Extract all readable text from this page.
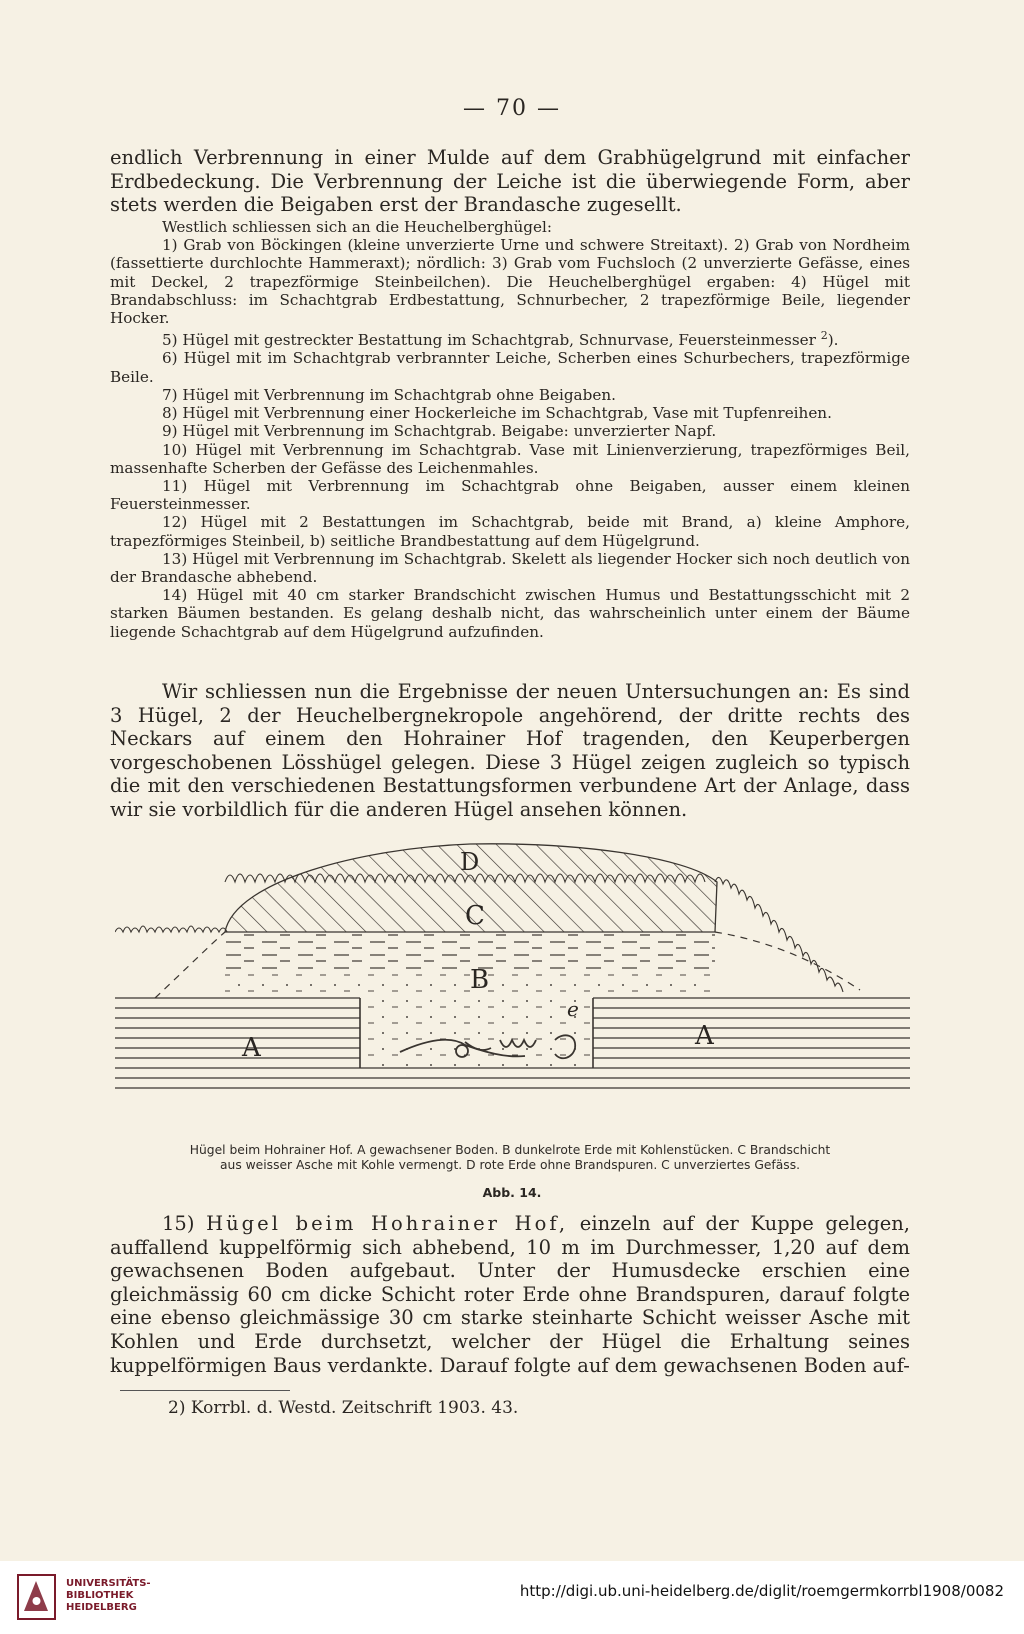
— 70 —

endlich Verbrennung in einer Mulde auf dem Grabhügelgrund mit einfacher Erdbedeckung. Die Verbrennung der Leiche ist die überwiegende Form, aber stets werden die Beigaben erst der Brandasche zugesellt.

Westlich schliessen sich an die Heuchelberghügel:

1) Grab von Böckingen (kleine unverzierte Urne und schwere Streitaxt). 2) Grab von Nordheim (fassettierte durchlochte Hammeraxt); nördlich: 3) Grab vom Fuchsloch (2 unverzierte Gefässe, eines mit Deckel, 2 trapezförmige Steinbeilchen). Die Heuchelberghügel ergaben: 4) Hügel mit Brandabschluss: im Schachtgrab Erdbestattung, Schnurbecher, 2 trapezförmige Beile, liegender Hocker.

5) Hügel mit gestreckter Bestattung im Schachtgrab, Schnurvase, Feuersteinmesser $^2$).

6) Hügel mit im Schachtgrab verbrannter Leiche, Scherben eines Schurbechers, trapezförmige Beile.

7) Hügel mit Verbrennung im Schachtgrab ohne Beigaben.

8) Hügel mit Verbrennung einer Hockerleiche im Schachtgrab, Vase mit Tupfenreihen.

9) Hügel mit Verbrennung im Schachtgrab. Beigabe: unverzierter Napf.

10) Hügel mit Verbrennung im Schachtgrab. Vase mit Linienverzierung, trapezförmiges Beil, massenhafte Scherben der Gefässe des Leichenmahles.

11) Hügel mit Verbrennung im Schachtgrab ohne Beigaben, ausser einem kleinen Feuersteinmesser.

12) Hügel mit 2 Bestattungen im Schachtgrab, beide mit Brand, a) kleine Amphore, trapezförmiges Steinbeil, b) seitliche Brandbestattung auf dem Hügelgrund.

13) Hügel mit Verbrennung im Schachtgrab. Skelett als liegender Hocker sich noch deutlich von der Brandasche abhebend.

14) Hügel mit 40 cm starker Brandschicht zwischen Humus und Bestattungsschicht mit 2 starken Bäumen bestanden. Es gelang deshalb nicht, das wahrscheinlich unter einem der Bäume liegende Schachtgrab auf dem Hügelgrund aufzufinden.

Wir schliessen nun die Ergebnisse der neuen Untersuchungen an: Es sind 3 Hügel, 2 der Heuchelbergnekropole angehörend, der dritte rechts des Neckars auf einem den Hohrainer Hof tragenden, den Keuperbergen vorgeschobenen Lösshügel gelegen. Diese 3 Hügel zeigen zugleich so typisch die mit den verschiedenen Bestattungsformen verbundene Art der Anlage, dass wir sie vorbildlich für die anderen Hügel ansehen können.

D
C
B
A	A
e
Hügel beim Hohrainer Hof. A gewachsener Boden. B dunkelrote Erde mit Kohlenstücken. C Brandschicht
aus weisser Asche mit Kohle vermengt. D rote Erde ohne Brandspuren. C unverziertes Gefäss.
Abb. 14.

15) Hügel beim Hohrainer Hof, einzeln auf der Kuppe gelegen, auffallend kuppelförmig sich abhebend, 10 m im Durchmesser, 1,20 auf dem gewachsenen Boden aufgebaut. Unter der Humusdecke erschien eine gleichmässig 60 cm dicke Schicht roter Erde ohne Brandspuren, darauf folgte eine ebenso gleichmässige 30 cm starke steinharte Schicht weisser Asche mit Kohlen und Erde durchsetzt, welcher der Hügel die Erhaltung seines kuppelförmigen Baus verdankte. Darauf folgte auf dem gewachsenen Boden auf-

2) Korrbl. d. Westd. Zeitschrift 1903. 43.
UNIVERSITÄTS-
BIBLIOTHEK
HEIDELBERG
http://digi.ub.uni-heidelberg.de/diglit/roemgermkorrbl1908/0082
